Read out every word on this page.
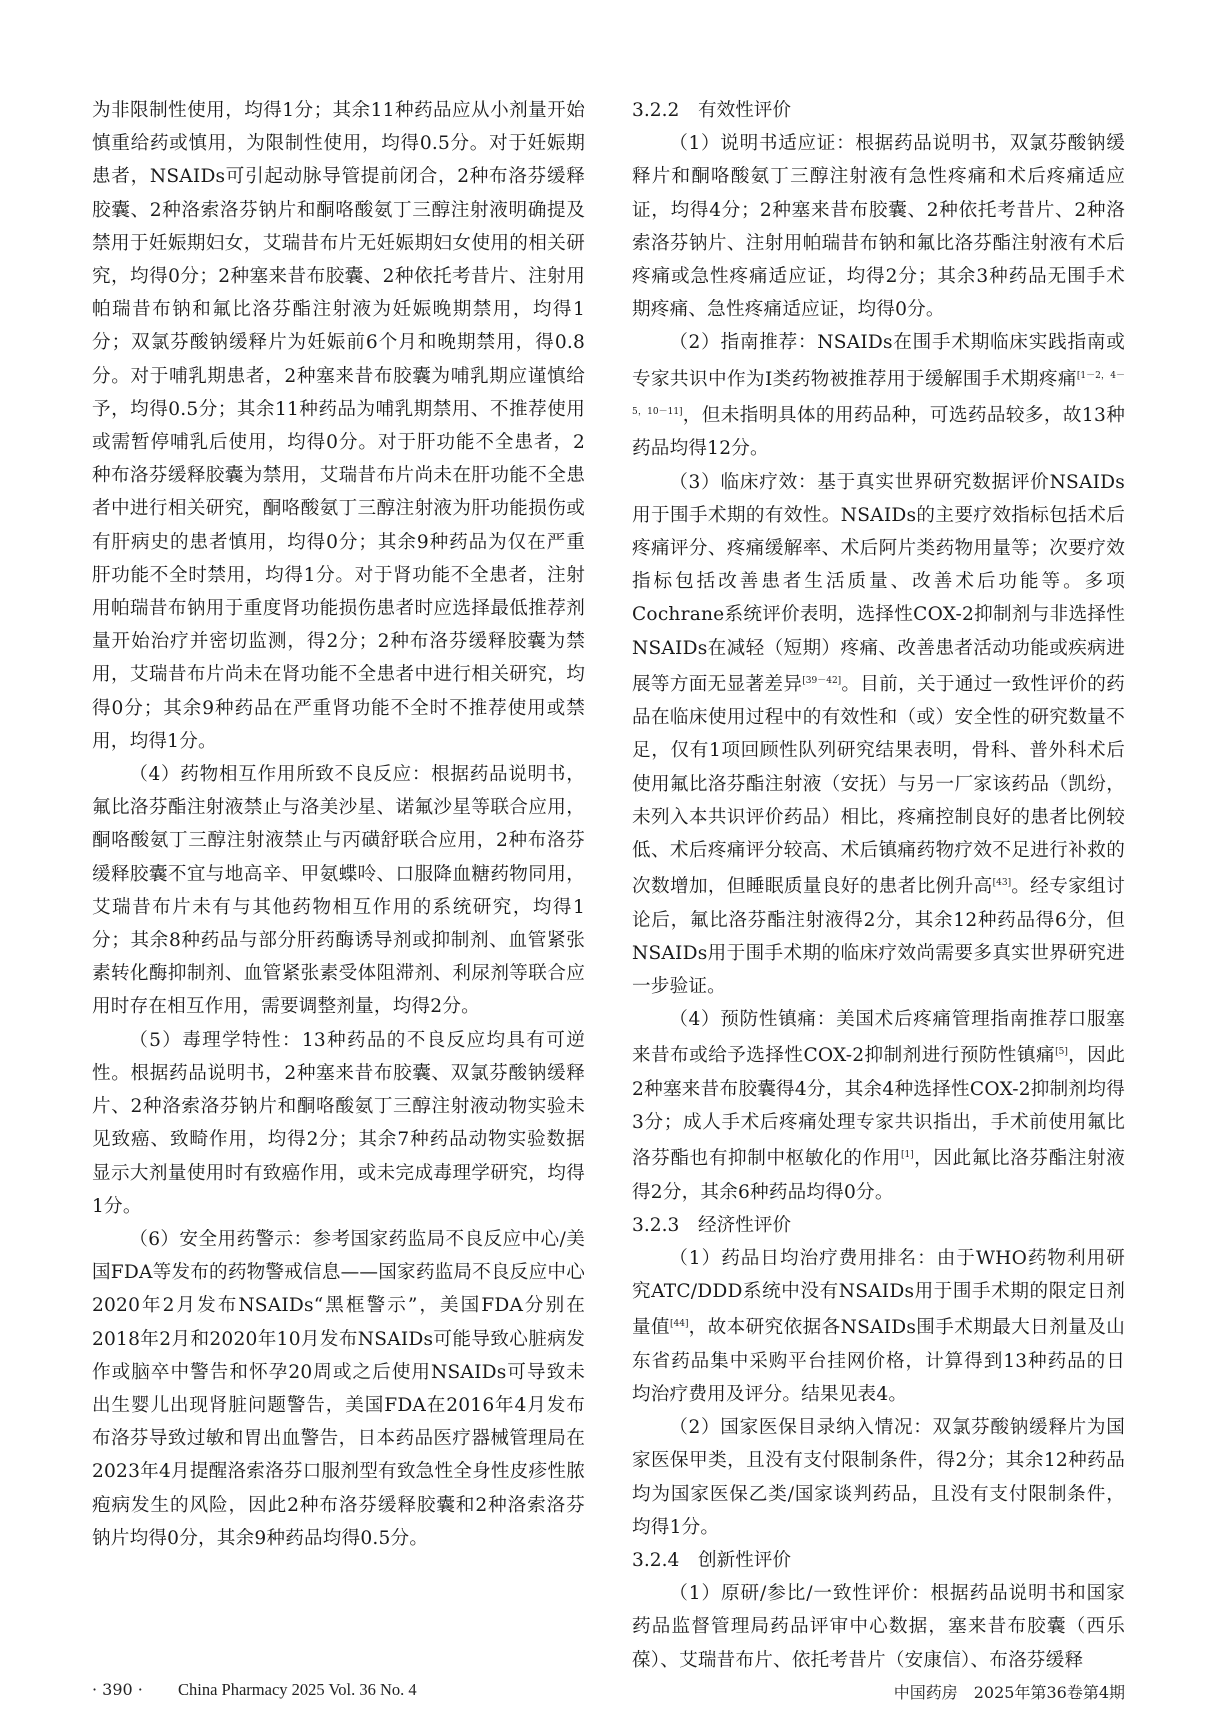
为非限制性使用，均得1分；其余11种药品应从小剂量开始慎重给药或慎用，为限制性使用，均得0.5分。对于妊娠期患者，NSAIDs可引起动脉导管提前闭合，2种布洛芬缓释胶囊、2种洛索洛芬钠片和酮咯酸氨丁三醇注射液明确提及禁用于妊娠期妇女，艾瑞昔布片无妊娠期妇女使用的相关研究，均得0分；2种塞来昔布胶囊、2种依托考昔片、注射用帕瑞昔布钠和氟比洛芬酯注射液为妊娠晚期禁用，均得1分；双氯芬酸钠缓释片为妊娠前6个月和晚期禁用，得0.8分。对于哺乳期患者，2种塞来昔布胶囊为哺乳期应谨慎给予，均得0.5分；其余11种药品为哺乳期禁用、不推荐使用或需暂停哺乳后使用，均得0分。对于肝功能不全患者，2种布洛芬缓释胶囊为禁用，艾瑞昔布片尚未在肝功能不全患者中进行相关研究，酮咯酸氨丁三醇注射液为肝功能损伤或有肝病史的患者慎用，均得0分；其余9种药品为仅在严重肝功能不全时禁用，均得1分。对于肾功能不全患者，注射用帕瑞昔布钠用于重度肾功能损伤患者时应选择最低推荐剂量开始治疗并密切监测，得2分；2种布洛芬缓释胶囊为禁用，艾瑞昔布片尚未在肾功能不全患者中进行相关研究，均得0分；其余9种药品在严重肾功能不全时不推荐使用或禁用，均得1分。

（4）药物相互作用所致不良反应：根据药品说明书，氟比洛芬酯注射液禁止与洛美沙星、诺氟沙星等联合应用，酮咯酸氨丁三醇注射液禁止与丙磺舒联合应用，2种布洛芬缓释胶囊不宜与地高辛、甲氨蝶呤、口服降血糖药物同用，艾瑞昔布片未有与其他药物相互作用的系统研究，均得1分；其余8种药品与部分肝药酶诱导剂或抑制剂、血管紧张素转化酶抑制剂、血管紧张素受体阻滞剂、利尿剂等联合应用时存在相互作用，需要调整剂量，均得2分。

（5）毒理学特性：13种药品的不良反应均具有可逆性。根据药品说明书，2种塞来昔布胶囊、双氯芬酸钠缓释片、2种洛索洛芬钠片和酮咯酸氨丁三醇注射液动物实验未见致癌、致畸作用，均得2分；其余7种药品动物实验数据显示大剂量使用时有致癌作用，或未完成毒理学研究，均得1分。

（6）安全用药警示：参考国家药监局不良反应中心/美国FDA等发布的药物警戒信息——国家药监局不良反应中心2020年2月发布NSAIDs“黑框警示”，美国FDA分别在2018年2月和2020年10月发布NSAIDs可能导致心脏病发作或脑卒中警告和怀孕20周或之后使用NSAIDs可导致未出生婴儿出现肾脏问题警告，美国FDA在2016年4月发布布洛芬导致过敏和胃出血警告，日本药品医疗器械管理局在2023年4月提醒洛索洛芬口服剂型有致急性全身性皮疹性脓疱病发生的风险，因此2种布洛芬缓释胶囊和2种洛索洛芬钠片均得0分，其余9种药品均得0.5分。

3.2.2 有效性评价

（1）说明书适应证：根据药品说明书，双氯芬酸钠缓释片和酮咯酸氨丁三醇注射液有急性疼痛和术后疼痛适应证，均得4分；2种塞来昔布胶囊、2种依托考昔片、2种洛索洛芬钠片、注射用帕瑞昔布钠和氟比洛芬酯注射液有术后疼痛或急性疼痛适应证，均得2分；其余3种药品无围手术期疼痛、急性疼痛适应证，均得0分。

（2）指南推荐：NSAIDs在围手术期临床实践指南或专家共识中作为Ⅰ类药物被推荐用于缓解围手术期疼痛[1－2，4－5，10－11]，但未指明具体的用药品种，可选药品较多，故13种药品均得12分。

（3）临床疗效：基于真实世界研究数据评价NSAIDs用于围手术期的有效性。NSAIDs的主要疗效指标包括术后疼痛评分、疼痛缓解率、术后阿片类药物用量等；次要疗效指标包括改善患者生活质量、改善术后功能等。多项Cochrane系统评价表明，选择性COX-2抑制剂与非选择性NSAIDs在减轻（短期）疼痛、改善患者活动功能或疾病进展等方面无显著差异[39－42]。目前，关于通过一致性评价的药品在临床使用过程中的有效性和（或）安全性的研究数量不足，仅有1项回顾性队列研究结果表明，骨科、普外科术后使用氟比洛芬酯注射液（安抚）与另一厂家该药品（凯纷，未列入本共识评价药品）相比，疼痛控制良好的患者比例较低、术后疼痛评分较高、术后镇痛药物疗效不足进行补救的次数增加，但睡眠质量良好的患者比例升高[43]。经专家组讨论后，氟比洛芬酯注射液得2分，其余12种药品得6分，但NSAIDs用于围手术期的临床疗效尚需要多真实世界研究进一步验证。

（4）预防性镇痛：美国术后疼痛管理指南推荐口服塞来昔布或给予选择性COX-2抑制剂进行预防性镇痛[5]，因此2种塞来昔布胶囊得4分，其余4种选择性COX-2抑制剂均得3分；成人手术后疼痛处理专家共识指出，手术前使用氟比洛芬酯也有抑制中枢敏化的作用[1]，因此氟比洛芬酯注射液得2分，其余6种药品均得0分。

3.2.3 经济性评价

（1）药品日均治疗费用排名：由于WHO药物利用研究ATC/DDD系统中没有NSAIDs用于围手术期的限定日剂量值[44]，故本研究依据各NSAIDs围手术期最大日剂量及山东省药品集中采购平台挂网价格，计算得到13种药品的日均治疗费用及评分。结果见表4。

（2）国家医保目录纳入情况：双氯芬酸钠缓释片为国家医保甲类，且没有支付限制条件，得2分；其余12种药品均为国家医保乙类/国家谈判药品，且没有支付限制条件，均得1分。

3.2.4 创新性评价

（1）原研/参比/一致性评价：根据药品说明书和国家药品监督管理局药品评审中心数据，塞来昔布胶囊（西乐葆）、艾瑞昔布片、依托考昔片（安康信）、布洛芬缓释

· 390 · China Pharmacy 2025 Vol. 36 No. 4	中国药房　2025年第36卷第4期
